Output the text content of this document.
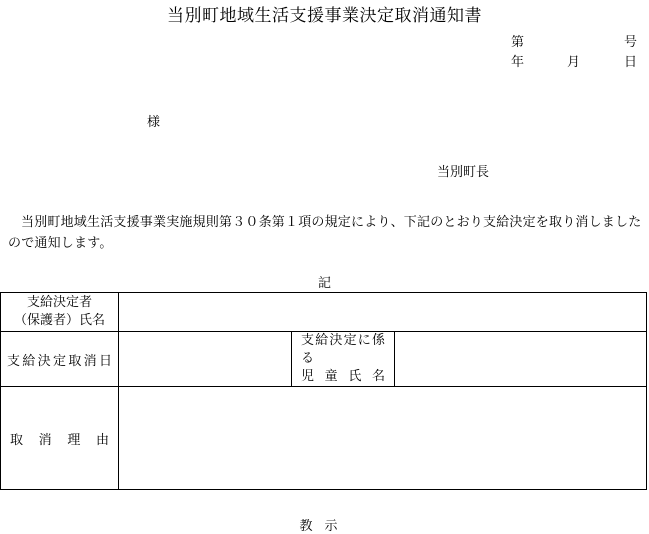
当別町地域生活支援事業決定取消通知書
第	号
年	月	日
様
当別町長
当別町地域生活支援事業実施規則第３０条第１項の規定により、下記のとおり支給決定を取り消しましたので通知します。
記
支給決定者
（保護者）氏名			

支給決定取消日		支給決定に係る
児童氏名	

取消理由			

教示
